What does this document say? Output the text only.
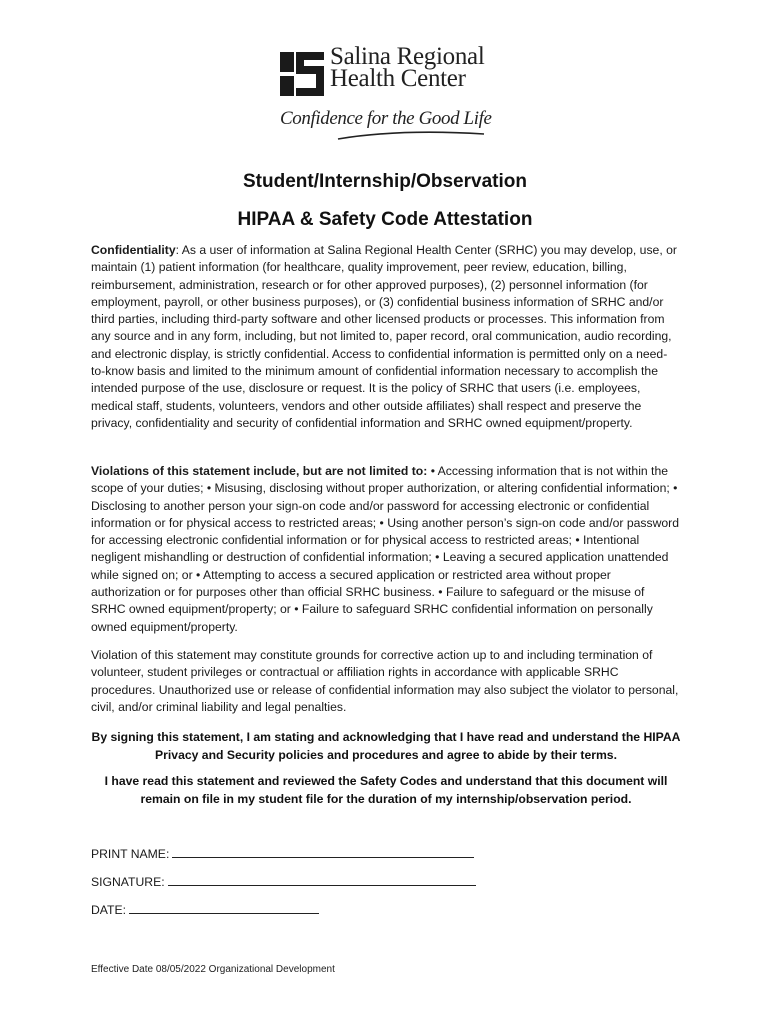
Salina Regional
Health Center
Confidence for the Good Life
Student/Internship/Observation
HIPAA & Safety Code Attestation

Confidentiality: As a user of information at Salina Regional Health Center (SRHC) you may develop, use, or maintain (1) patient information (for healthcare, quality improvement, peer review, education, billing, reimbursement, administration, research or for other approved purposes), (2) personnel information (for employment, payroll, or other business purposes), or (3) confidential business information of SRHC and/or third parties, including third-party software and other licensed products or processes. This information from any source and in any form, including, but not limited to, paper record, oral communication, audio recording, and electronic display, is strictly confidential. Access to confidential information is permitted only on a need-to-know basis and limited to the minimum amount of confidential information necessary to accomplish the intended purpose of the use, disclosure or request. It is the policy of SRHC that users (i.e. employees, medical staff, students, volunteers, vendors and other outside affiliates) shall respect and preserve the privacy, confidentiality and security of confidential information and SRHC owned equipment/property.

Violations of this statement include, but are not limited to: • Accessing information that is not within the scope of your duties; • Misusing, disclosing without proper authorization, or altering confidential information; • Disclosing to another person your sign-on code and/or password for accessing electronic or confidential information or for physical access to restricted areas; • Using another person’s sign-on code and/or password for accessing electronic confidential information or for physical access to restricted areas; • Intentional negligent mishandling or destruction of confidential information; • Leaving a secured application unattended while signed on; or • Attempting to access a secured application or restricted area without proper authorization or for purposes other than official SRHC business. • Failure to safeguard or the misuse of SRHC owned equipment/property; or • Failure to safeguard SRHC confidential information on personally owned equipment/property.

Violation of this statement may constitute grounds for corrective action up to and including termination of volunteer, student privileges or contractual or affiliation rights in accordance with applicable SRHC procedures. Unauthorized use or release of confidential information may also subject the violator to personal, civil, and/or criminal liability and legal penalties.

By signing this statement, I am stating and acknowledging that I have read and understand the HIPAA Privacy and Security policies and procedures and agree to abide by their terms.
I have read this statement and reviewed the Safety Codes and understand that this document will remain on file in my student file for the duration of my internship/observation period.
PRINT NAME:
SIGNATURE:
DATE:
Effective Date 08/05/2022 Organizational Development
